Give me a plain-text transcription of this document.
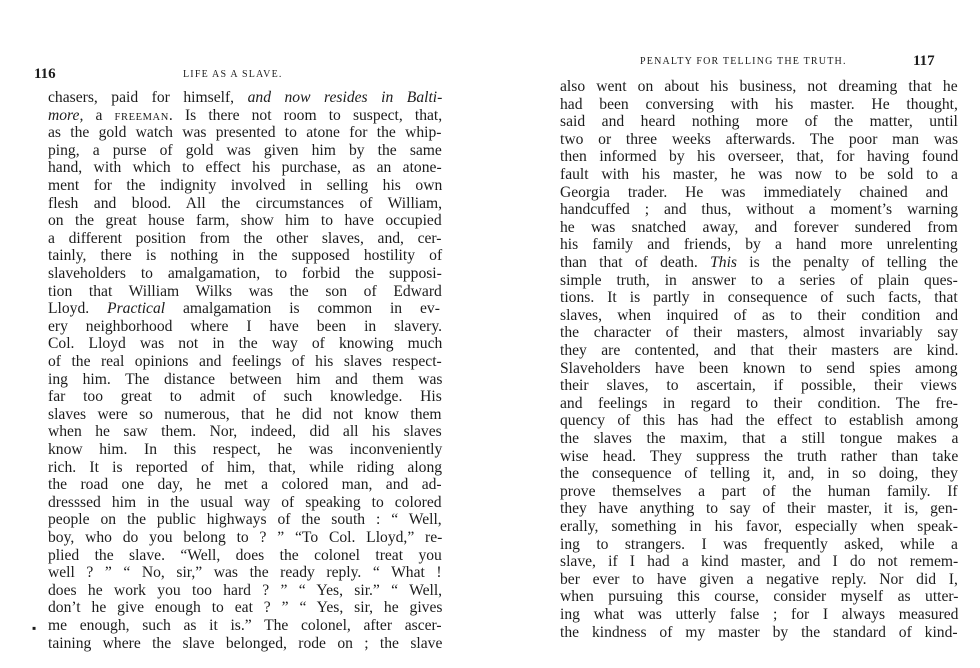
116	LIFE AS A SLAVE.
chasers, paid for himself, and now resides in Balti-
more, a FREEMAN. Is there not room to suspect, that,
as the gold watch was presented to atone for the whip-
ping, a purse of gold was given him by the same
hand, with which to effect his purchase, as an atone-
ment for the indignity involved in selling his own
flesh and blood. All the circumstances of William,
on the great house farm, show him to have occupied
a different position from the other slaves, and, cer-
tainly, there is nothing in the supposed hostility of
slaveholders to amalgamation, to forbid the supposi-
tion that William Wilks was the son of Edward
Lloyd. Practical amalgamation is common in ev-
ery neighborhood where I have been in slavery.
Col. Lloyd was not in the way of knowing much
of the real opinions and feelings of his slaves respect-
ing him. The distance between him and them was
far too great to admit of such knowledge. His
slaves were so numerous, that he did not know them
when he saw them. Nor, indeed, did all his slaves
know him. In this respect, he was inconveniently
rich. It is reported of him, that, while riding along
the road one day, he met a colored man, and ad-
dresssed him in the usual way of speaking to colored
people on the public highways of the south : “ Well,
boy, who do you belong to ? ” “To Col. Lloyd,” re-
plied the slave. “Well, does the colonel treat you
well ? ” “ No, sir,” was the ready reply. “ What !
does he work you too hard ? ” “ Yes, sir.” “ Well,
don’t he give enough to eat ? ” “ Yes, sir, he gives
me enough, such as it is.” The colonel, after ascer-
taining where the slave belonged, rode on ; the slave
▪
PENALTY FOR TELLING THE TRUTH.	117
also went on about his business, not dreaming that he
had been conversing with his master. He thought,
said and heard nothing more of the matter, until
two or three weeks afterwards. The poor man was
then informed by his overseer, that, for having found
fault with his master, he was now to be sold to a
Georgia trader. He was immediately chained and
handcuffed ; and thus, without a moment’s warning
he was snatched away, and forever sundered from
his family and friends, by a hand more unrelenting
than that of death. This is the penalty of telling the
simple truth, in answer to a series of plain ques-
tions. It is partly in consequence of such facts, that
slaves, when inquired of as to their condition and
the character of their masters, almost invariably say
they are contented, and that their masters are kind.
Slaveholders have been known to send spies among
their slaves, to ascertain, if possible, their views
and feelings in regard to their condition. The fre-
quency of this has had the effect to establish among
the slaves the maxim, that a still tongue makes a
wise head. They suppress the truth rather than take
the consequence of telling it, and, in so doing, they
prove themselves a part of the human family. If
they have anything to say of their master, it is, gen-
erally, something in his favor, especially when speak-
ing to strangers. I was frequently asked, while a
slave, if I had a kind master, and I do not remem-
ber ever to have given a negative reply. Nor did I,
when pursuing this course, consider myself as utter-
ing what was utterly false ; for I always measured
the kindness of my master by the standard of kind-
